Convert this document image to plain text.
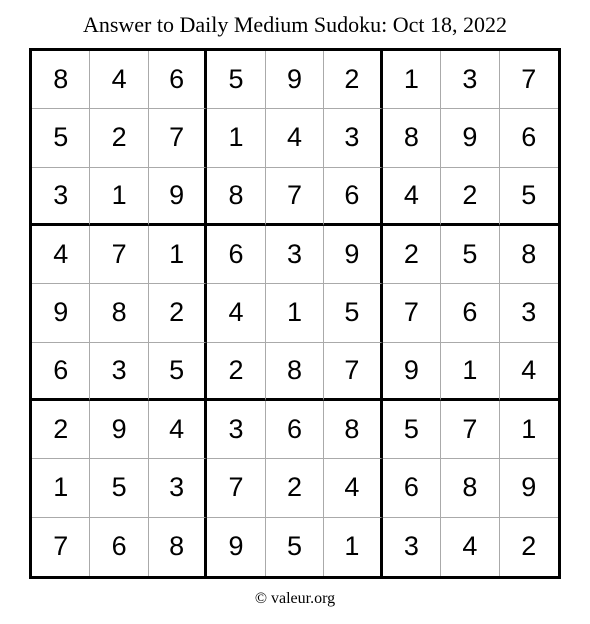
Answer to Daily Medium Sudoku: Oct 18, 2022
8	4	6	5	9	2	1	3	7
5	2	7	1	4	3	8	9	6
3	1	9	8	7	6	4	2	5
4	7	1	6	3	9	2	5	8
9	8	2	4	1	5	7	6	3
6	3	5	2	8	7	9	1	4
2	9	4	3	6	8	5	7	1
1	5	3	7	2	4	6	8	9
7	6	8	9	5	1	3	4	2
© valeur.org
